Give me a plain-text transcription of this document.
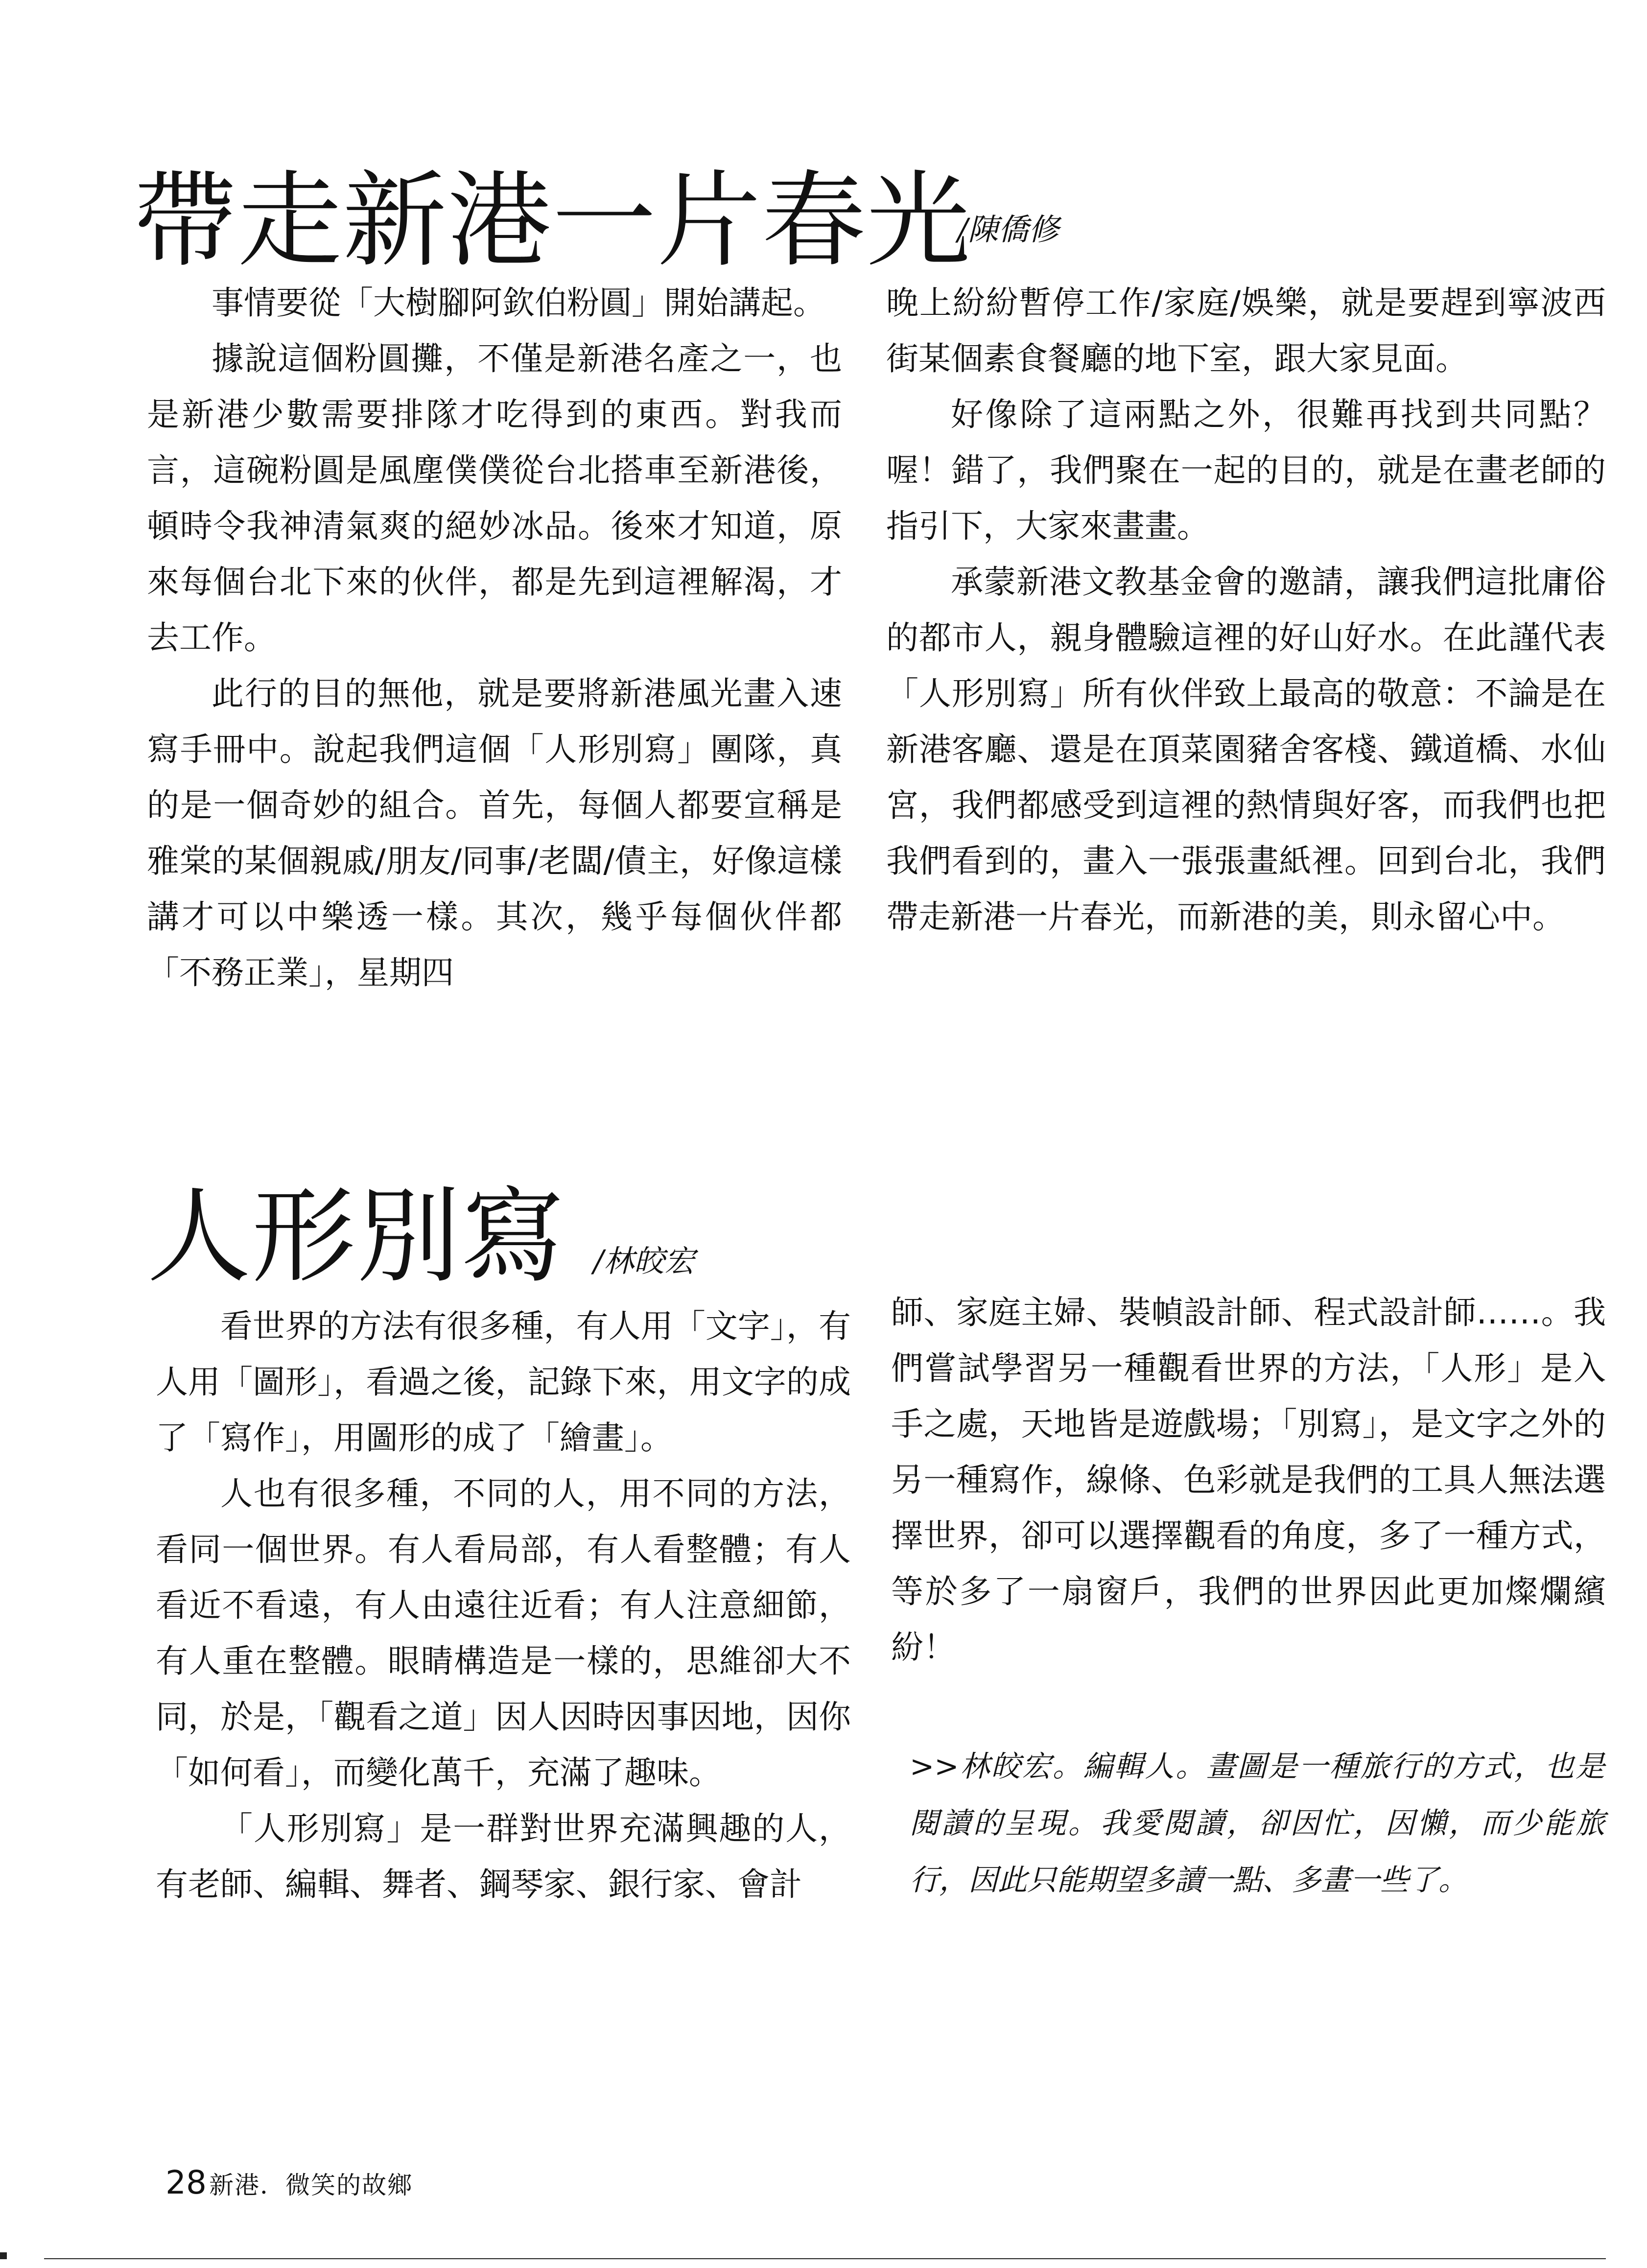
帶走新港一片春光
/陳僑修

事情要從「大樹腳阿欽伯粉圓」開始講起。

據說這個粉圓攤，不僅是新港名產之一，也是新港少數需要排隊才吃得到的東西。對我而言，這碗粉圓是風塵僕僕從台北搭車至新港後，頓時令我神清氣爽的絕妙冰品。後來才知道，原來每個台北下來的伙伴，都是先到這裡解渴，才去工作。

此行的目的無他，就是要將新港風光畫入速寫手冊中。說起我們這個「人形別寫」團隊，真的是一個奇妙的組合。首先，每個人都要宣稱是雅棠的某個親戚/朋友/同事/老闆/債主，好像這樣講才可以中樂透一樣。其次，幾乎每個伙伴都「不務正業」，星期四

晚上紛紛暫停工作/家庭/娛樂，就是要趕到寧波西街某個素食餐廳的地下室，跟大家見面。

好像除了這兩點之外，很難再找到共同點？喔！錯了，我們聚在一起的目的，就是在畫老師的指引下，大家來畫畫。

承蒙新港文教基金會的邀請，讓我們這批庸俗的都市人，親身體驗這裡的好山好水。在此謹代表「人形別寫」所有伙伴致上最高的敬意：不論是在新港客廳、還是在頂菜園豬舍客棧、鐵道橋、水仙宮，我們都感受到這裡的熱情與好客，而我們也把我們看到的，畫入一張張畫紙裡。回到台北，我們帶走新港一片春光，而新港的美，則永留心中。

人形別寫 /林皎宏

看世界的方法有很多種，有人用「文字」，有人用「圖形」，看過之後，記錄下來，用文字的成了「寫作」，用圖形的成了「繪畫」。

人也有很多種，不同的人，用不同的方法，看同一個世界。有人看局部，有人看整體；有人看近不看遠，有人由遠往近看；有人注意細節，有人重在整體。眼睛構造是一樣的，思維卻大不同，於是，「觀看之道」因人因時因事因地，因你「如何看」，而變化萬千，充滿了趣味。

「人形別寫」是一群對世界充滿興趣的人，有老師、編輯、舞者、鋼琴家、銀行家、會計

師、家庭主婦、裝幀設計師、程式設計師……。我們嘗試學習另一種觀看世界的方法，「人形」是入手之處，天地皆是遊戲場；「別寫」，是文字之外的另一種寫作，線條、色彩就是我們的工具人無法選擇世界，卻可以選擇觀看的角度，多了一種方式，等於多了一扇窗戶，我們的世界因此更加燦爛繽紛！

>>林皎宏。編輯人。畫圖是一種旅行的方式，也是閱讀的呈現。我愛閱讀，卻因忙，因懶，而少能旅行，因此只能期望多讀一點、多畫一些了。

28 新港．微笑的故鄉
